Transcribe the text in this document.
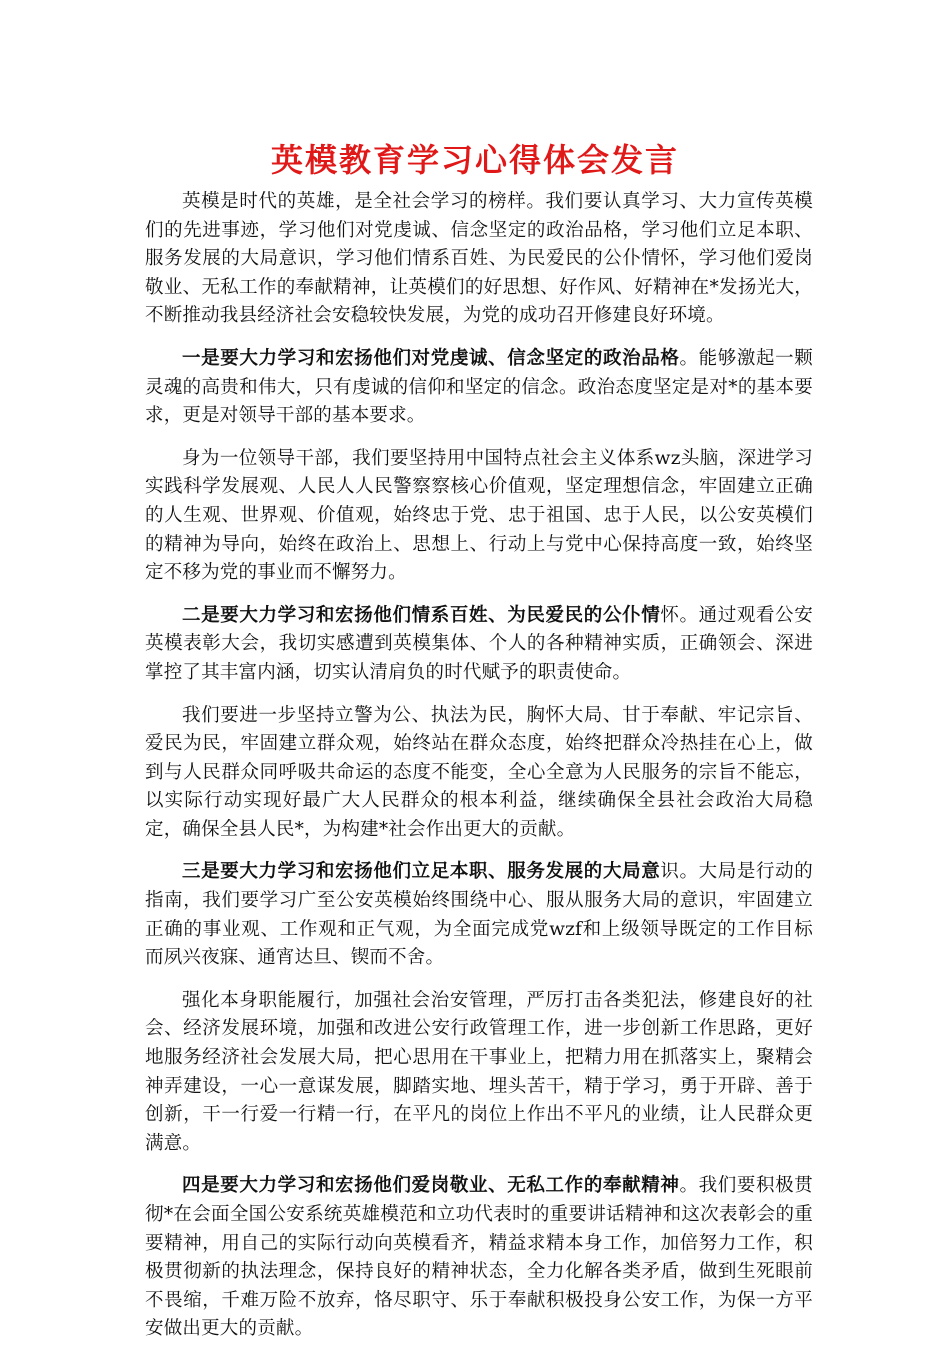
英模教育学习心得体会发言

英模是时代的英雄，是全社会学习的榜样。我们要认真学习、大力宣传英模们的先进事迹，学习他们对党虔诚、信念坚定的政治品格，学习他们立足本职、服务发展的大局意识，学习他们情系百姓、为民爱民的公仆情怀，学习他们爱岗敬业、无私工作的奉献精神，让英模们的好思想、好作风、好精神在*发扬光大，不断推动我县经济社会安稳较快发展，为党的成功召开修建良好环境。

一是要大力学习和宏扬他们对党虔诚、信念坚定的政治品格。能够激起一颗灵魂的高贵和伟大，只有虔诚的信仰和坚定的信念。政治态度坚定是对*的基本要求，更是对领导干部的基本要求。

身为一位领导干部，我们要坚持用中国特点社会主义体系wz头脑，深进学习实践科学发展观、人民人人民警察察核心价值观，坚定理想信念，牢固建立正确的人生观、世界观、价值观，始终忠于党、忠于祖国、忠于人民，以公安英模们的精神为导向，始终在政治上、思想上、行动上与党中心保持高度一致，始终坚定不移为党的事业而不懈努力。

二是要大力学习和宏扬他们情系百姓、为民爱民的公仆情怀。通过观看公安英模表彰大会，我切实感遭到英模集体、个人的各种精神实质，正确领会、深进掌控了其丰富内涵，切实认清肩负的时代赋予的职责使命。

我们要进一步坚持立警为公、执法为民，胸怀大局、甘于奉献、牢记宗旨、爱民为民，牢固建立群众观，始终站在群众态度，始终把群众冷热挂在心上，做到与人民群众同呼吸共命运的态度不能变，全心全意为人民服务的宗旨不能忘，以实际行动实现好最广大人民群众的根本利益，继续确保全县社会政治大局稳定，确保全县人民*，为构建*社会作出更大的贡献。

三是要大力学习和宏扬他们立足本职、服务发展的大局意识。大局是行动的指南，我们要学习广至公安英模始终围绕中心、服从服务大局的意识，牢固建立正确的事业观、工作观和正气观，为全面完成党wzf和上级领导既定的工作目标而夙兴夜寐、通宵达旦、锲而不舍。

强化本身职能履行，加强社会治安管理，严厉打击各类犯法，修建良好的社会、经济发展环境，加强和改进公安行政管理工作，进一步创新工作思路，更好地服务经济社会发展大局，把心思用在干事业上，把精力用在抓落实上，聚精会神弄建设，一心一意谋发展，脚踏实地、埋头苦干，精于学习，勇于开辟、善于创新，干一行爱一行精一行，在平凡的岗位上作出不平凡的业绩，让人民群众更满意。

四是要大力学习和宏扬他们爱岗敬业、无私工作的奉献精神。我们要积极贯彻*在会面全国公安系统英雄模范和立功代表时的重要讲话精神和这次表彰会的重要精神，用自己的实际行动向英模看齐，精益求精本身工作，加倍努力工作，积极贯彻新的执法理念，保持良好的精神状态，全力化解各类矛盾，做到生死眼前不畏缩，千难万险不放弃，恪尽职守、乐于奉献积极投身公安工作，为保一方平安做出更大的贡献。
